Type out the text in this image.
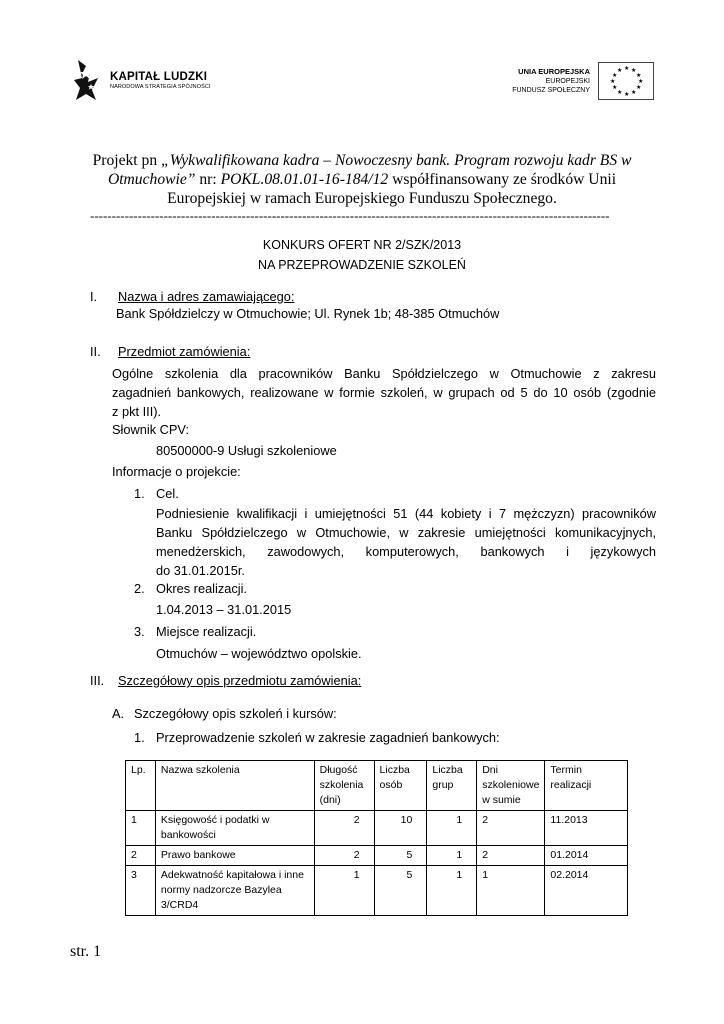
KAPITAŁ LUDZKI
NARODOWA STRATEGIA SPÓJNOŚCI
UNIA EUROPEJSKA
EUROPEJSKI
FUNDUSZ SPOŁECZNY
★ ★
★
★
★
★
★
★
★
★
★
★
Projekt pn „Wykwalifikowana kadra – Nowoczesny bank. Program rozwoju kadr BS w Otmuchowie” nr: POKL.08.01.01-16-184/12 współfinansowany ze środków Unii Europejskiej w ramach Europejskiego Funduszu Społecznego.
------------------------------------------------------------------------------------------------------------------------
KONKURS OFERT NR 2/SZK/2013
NA PRZEPROWADZENIE SZKOLEŃ
I. Nazwa i adres zamawiającego:
Bank Spółdzielczy w Otmuchowie; Ul. Rynek 1b; 48-385 Otmuchów
II. Przedmiot zamówienia:
Ogólne szkolenia dla pracowników Banku Spółdzielczego w Otmuchowie z zakresu
zagadnień bankowych, realizowane w formie szkoleń, w grupach od 5 do 10 osób (zgodnie
z pkt III).
Słownik CPV:
80500000-9 Usługi szkoleniowe
Informacje o projekcie:
1. Cel.
Podniesienie kwalifikacji i umiejętności 51 (44 kobiety i 7 mężczyzn) pracowników
Banku Spółdzielczego w Otmuchowie, w zakresie umiejętności komunikacyjnych,
menedżerskich, zawodowych, komputerowych, bankowych i językowych
do 31.01.2015r.
2. Okres realizacji.
1.04.2013 – 31.01.2015
3. Miejsce realizacji.
Otmuchów – województwo opolskie.
III. Szczegółowy opis przedmiotu zamówienia:
A. Szczegółowy opis szkoleń i kursów:
1. Przeprowadzenie szkoleń w zakresie zagadnień bankowych:
Lp.	Nazwa szkolenia	Długość szkolenia (dni)	Liczba osób	Liczba grup	Dni szkoleniowe w sumie	Termin realizacji
1	Księgowość i podatki w bankowości	2	10	1	2	11.2013
2	Prawo bankowe	2	5	1	2	01.2014
3	Adekwatność kapitałowa i inne normy nadzorcze Bazylea 3/CRD4	1	5	1	1	02.2014
str. 1
